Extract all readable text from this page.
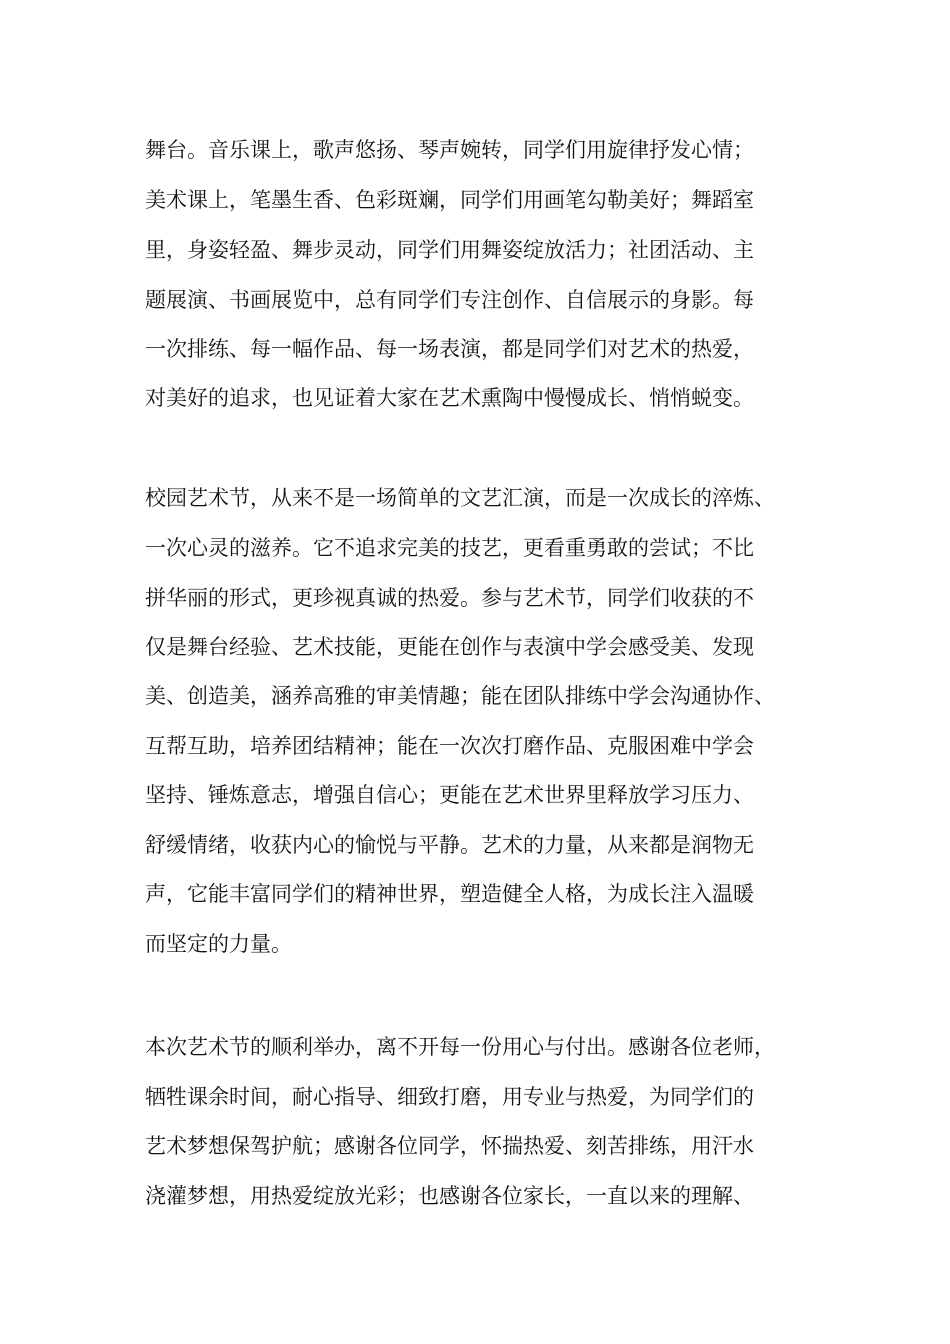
舞台。音乐课上，歌声悠扬、琴声婉转，同学们用旋律抒发心情；
美术课上，笔墨生香、色彩斑斓，同学们用画笔勾勒美好；舞蹈室
里，身姿轻盈、舞步灵动，同学们用舞姿绽放活力；社团活动、主
题展演、书画展览中，总有同学们专注创作、自信展示的身影。每
一次排练、每一幅作品、每一场表演，都是同学们对艺术的热爱，
对美好的追求，也见证着大家在艺术熏陶中慢慢成长、悄悄蜕变。
校园艺术节，从来不是一场简单的文艺汇演，而是一次成长的淬炼、
一次心灵的滋养。它不追求完美的技艺，更看重勇敢的尝试；不比
拼华丽的形式，更珍视真诚的热爱。参与艺术节，同学们收获的不
仅是舞台经验、艺术技能，更能在创作与表演中学会感受美、发现
美、创造美，涵养高雅的审美情趣；能在团队排练中学会沟通协作、
互帮互助，培养团结精神；能在一次次打磨作品、克服困难中学会
坚持、锤炼意志，增强自信心；更能在艺术世界里释放学习压力、
舒缓情绪，收获内心的愉悦与平静。艺术的力量，从来都是润物无
声，它能丰富同学们的精神世界，塑造健全人格，为成长注入温暖
而坚定的力量。
本次艺术节的顺利举办，离不开每一份用心与付出。感谢各位老师，
牺牲课余时间，耐心指导、细致打磨，用专业与热爱，为同学们的
艺术梦想保驾护航；感谢各位同学，怀揣热爱、刻苦排练，用汗水
浇灌梦想，用热爱绽放光彩；也感谢各位家长，一直以来的理解、
